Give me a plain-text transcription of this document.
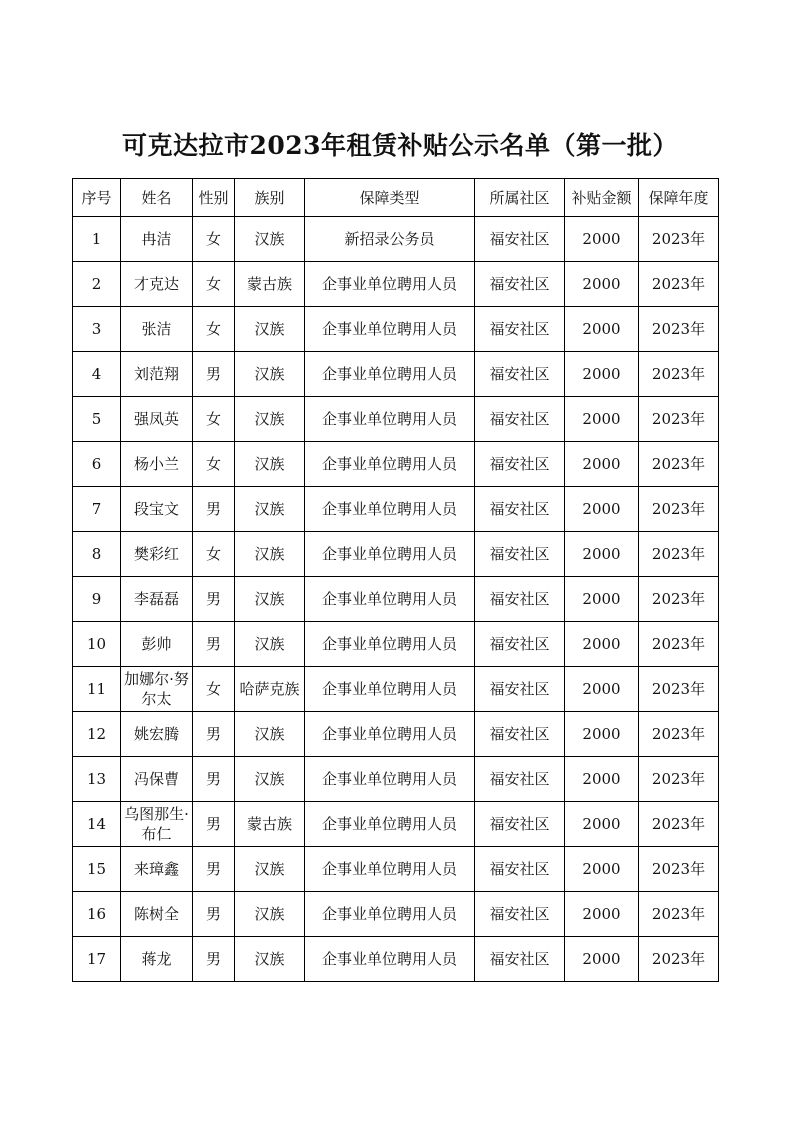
可克达拉市2023年租赁补贴公示名单（第一批）
序号	姓名	性别	族别	保障类型	所属社区	补贴金额	保障年度
1	冉洁	女	汉族	新招录公务员	福安社区	2000	2023年
2	才克达	女	蒙古族	企事业单位聘用人员	福安社区	2000	2023年
3	张洁	女	汉族	企事业单位聘用人员	福安社区	2000	2023年
4	刘范翔	男	汉族	企事业单位聘用人员	福安社区	2000	2023年
5	强凤英	女	汉族	企事业单位聘用人员	福安社区	2000	2023年
6	杨小兰	女	汉族	企事业单位聘用人员	福安社区	2000	2023年
7	段宝文	男	汉族	企事业单位聘用人员	福安社区	2000	2023年
8	樊彩红	女	汉族	企事业单位聘用人员	福安社区	2000	2023年
9	李磊磊	男	汉族	企事业单位聘用人员	福安社区	2000	2023年
10	彭帅	男	汉族	企事业单位聘用人员	福安社区	2000	2023年
11	加娜尔·努尔太	女	哈萨克族	企事业单位聘用人员	福安社区	2000	2023年
12	姚宏腾	男	汉族	企事业单位聘用人员	福安社区	2000	2023年
13	冯保曹	男	汉族	企事业单位聘用人员	福安社区	2000	2023年
14	乌图那生·布仁	男	蒙古族	企事业单位聘用人员	福安社区	2000	2023年
15	来璋鑫	男	汉族	企事业单位聘用人员	福安社区	2000	2023年
16	陈树全	男	汉族	企事业单位聘用人员	福安社区	2000	2023年
17	蒋龙	男	汉族	企事业单位聘用人员	福安社区	2000	2023年
